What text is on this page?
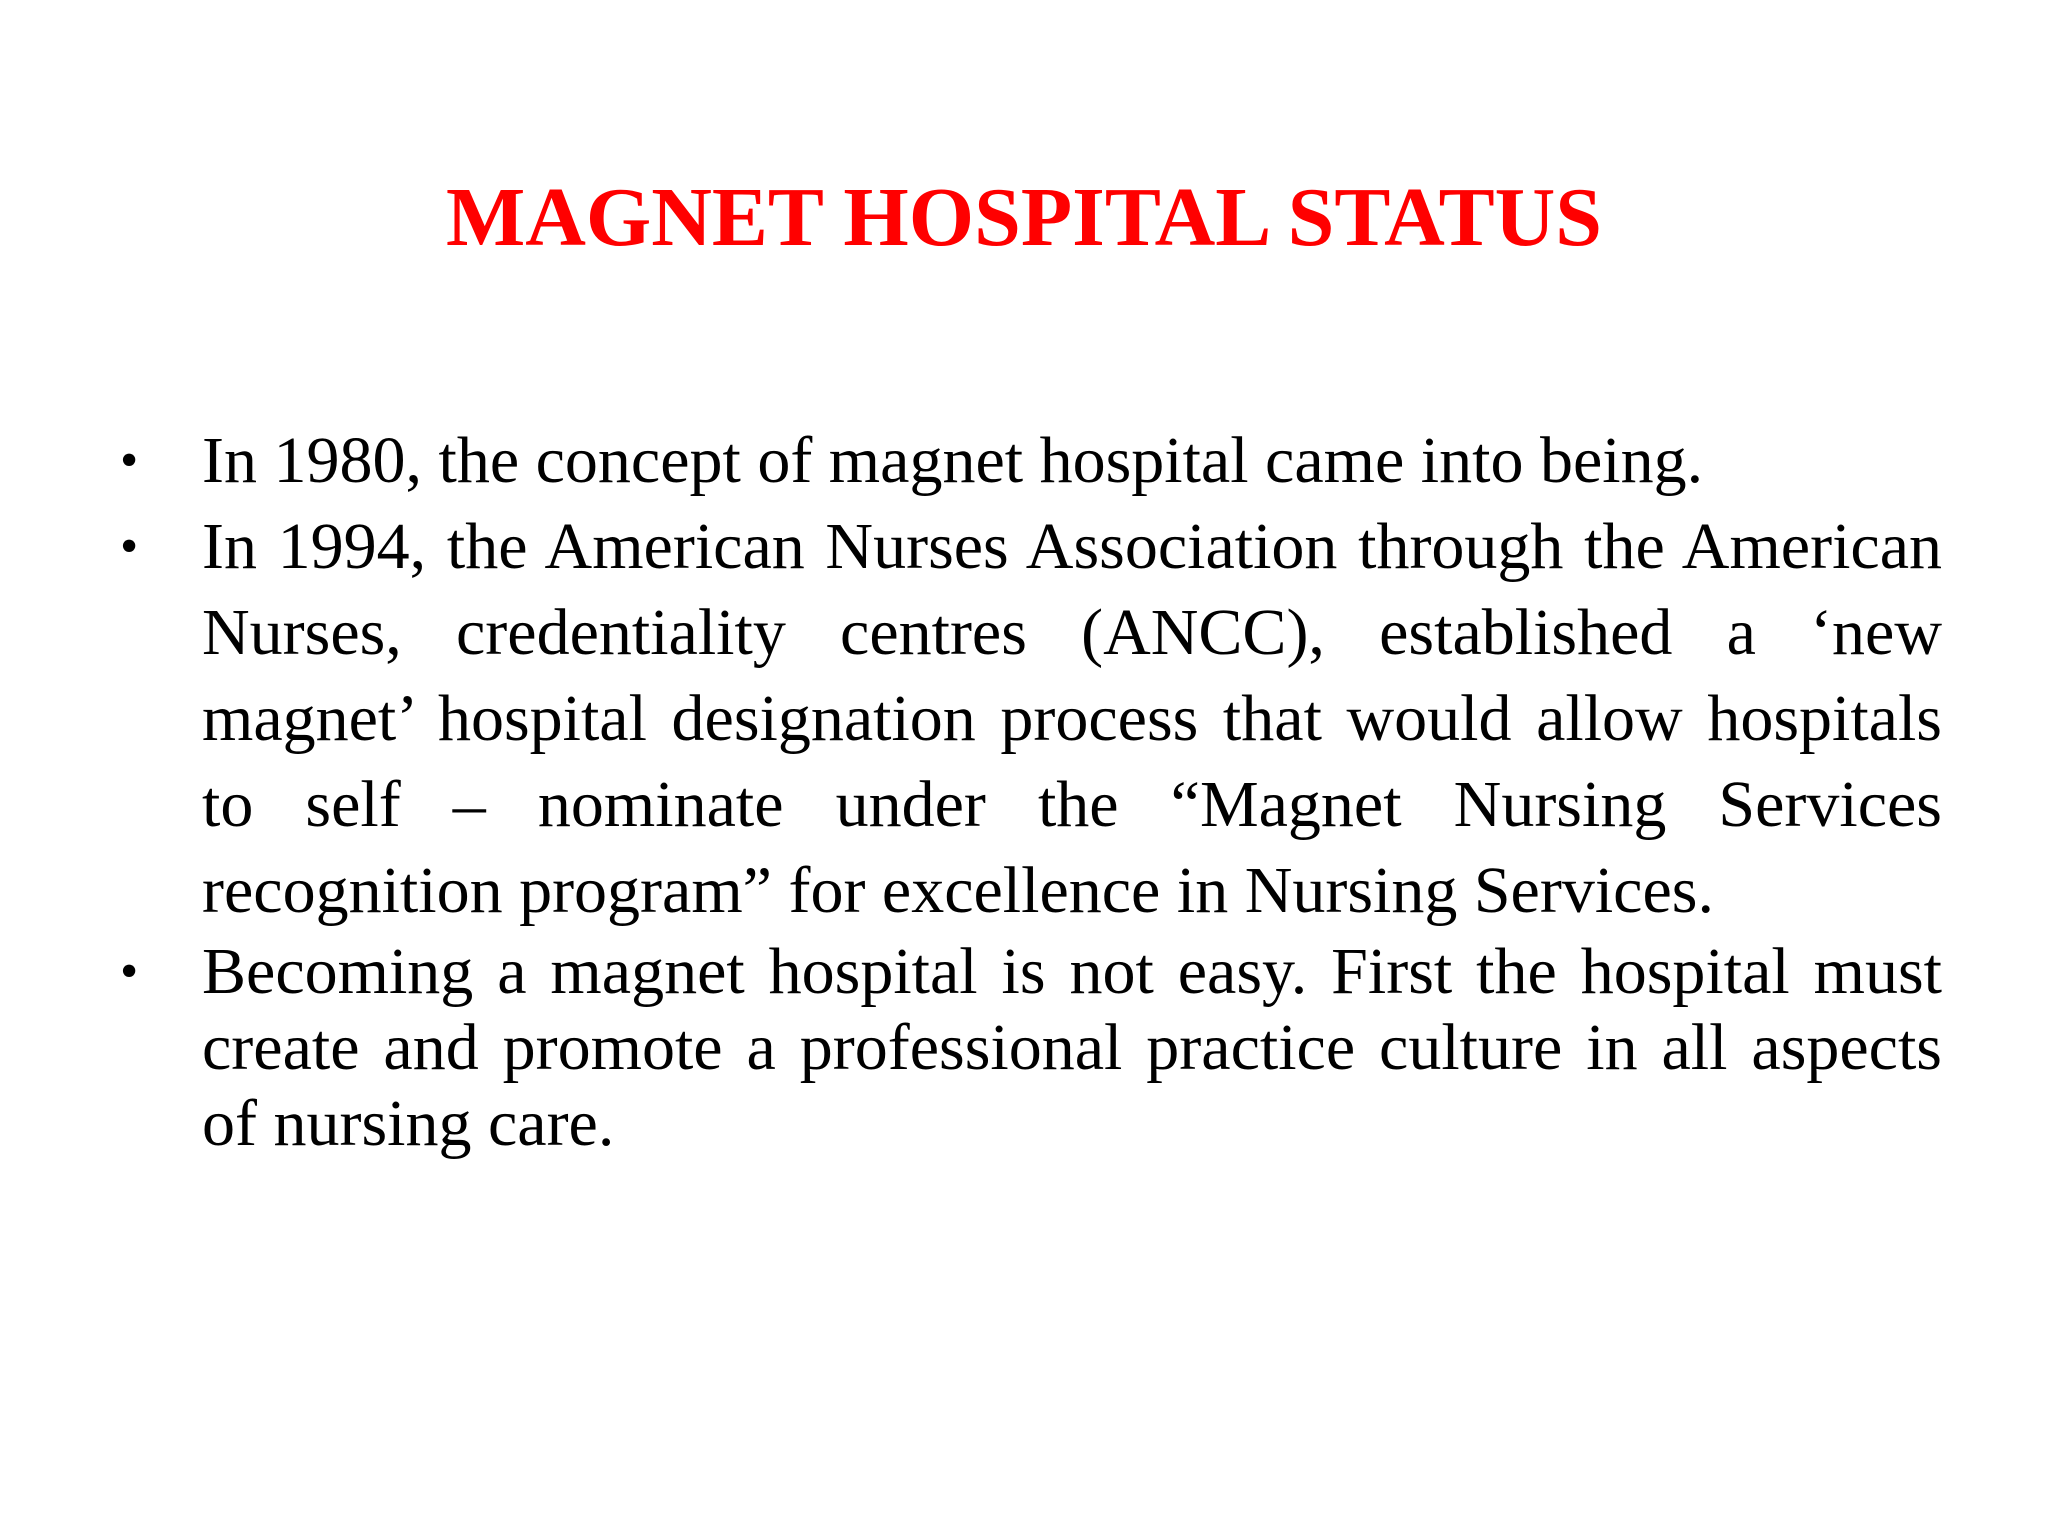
MAGNET HOSPITAL STATUS
• In 1980, the concept of magnet hospital came into being.
• In 1994, the American Nurses Association through the American Nurses, credentiality centres (ANCC), established a ‘new magnet’ hospital designation process that would allow hospitals to self – nominate under the “Magnet Nursing Services recognition program” for excellence in Nursing Services.
• Becoming a magnet hospital is not easy. First the hospital must create and promote a professional practice culture in all aspects of nursing care.
